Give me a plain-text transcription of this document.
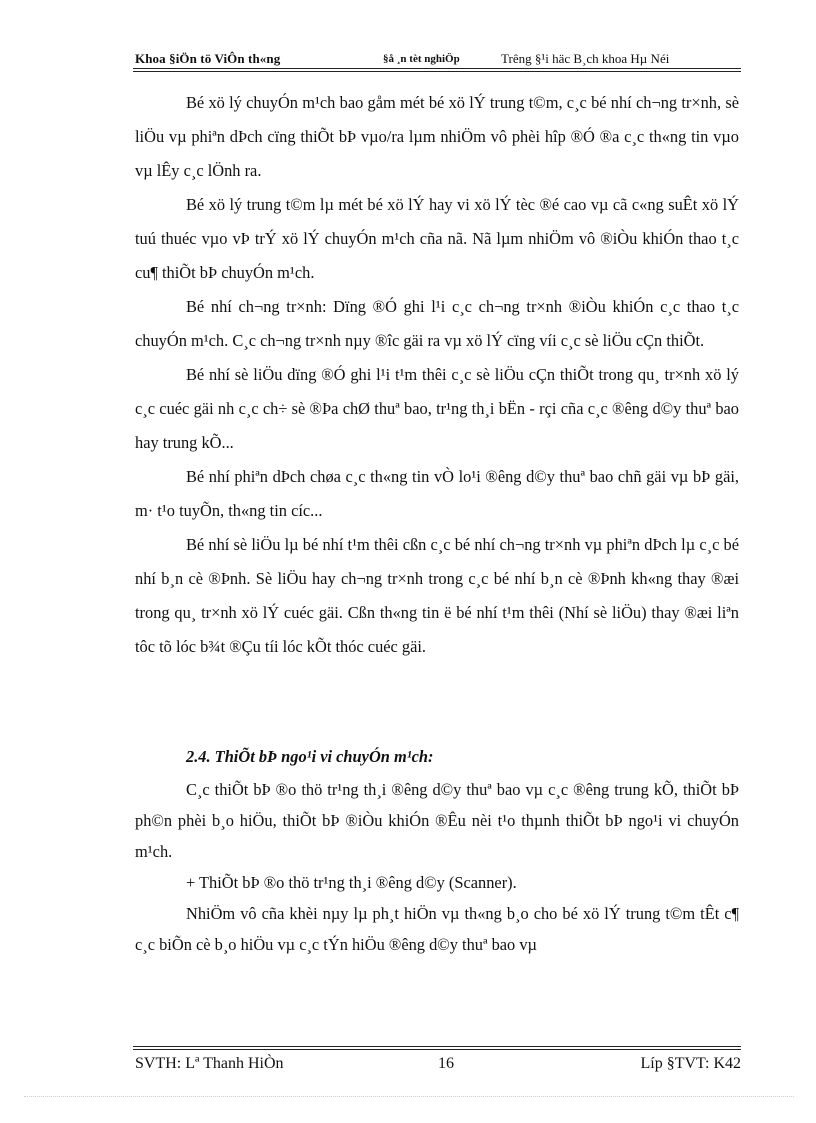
Khoa §iÖn tö ViÔn th«ng	§å ¸n tèt nghiÖp	Trêng §¹i häc B¸ch khoa Hµ Néi

Bé xö lý chuyÓn m¹ch bao gåm mét bé xö lÝ trung t©m, c¸c bé nhí ch¬ng tr×nh, sè liÖu vµ phiªn dÞch cïng thiÕt bÞ vµo/ra lµm nhiÖm vô phèi hîp ®Ó ®a c¸c th«ng tin vµo vµ lÊy c¸c lÖnh ra.

Bé xö lý trung t©m lµ mét bé xö lÝ hay vi xö lÝ tèc ®é cao vµ cã c«ng suÊt xö lÝ tuú thuéc vµo vÞ trÝ xö lÝ chuyÓn m¹ch cña nã. Nã lµm nhiÖm vô ®iÒu khiÓn thao t¸c cu¶ thiÕt bÞ chuyÓn m¹ch.

Bé nhí ch¬ng tr×nh: Dïng ®Ó ghi l¹i c¸c ch¬ng tr×nh ®iÒu khiÓn c¸c thao t¸c chuyÓn m¹ch. C¸c ch¬ng tr×nh nµy ®îc gäi ra vµ xö lÝ cïng víi c¸c sè liÖu cÇn thiÕt.

Bé nhí sè liÖu dïng ®Ó ghi l¹i t¹m thêi c¸c sè liÖu cÇn thiÕt trong qu¸ tr×nh xö lý c¸c cuéc gäi nh c¸c ch÷ sè ®Þa chØ thuª bao, tr¹ng th¸i bËn - rçi cña c¸c ®êng d©y thuª bao hay trung kÕ...

Bé nhí phiªn dÞch chøa c¸c th«ng tin vÒ lo¹i ®êng d©y thuª bao chñ gäi vµ bÞ gäi, m· t¹o tuyÕn, th«ng tin cíc...

Bé nhí sè liÖu lµ bé nhí t¹m thêi cßn c¸c bé nhí ch¬ng tr×nh vµ phiªn dÞch lµ c¸c bé nhí b¸n cè ®Þnh. Sè liÖu hay ch¬ng tr×nh trong c¸c bé nhí b¸n cè ®Þnh kh«ng thay ®æi trong qu¸ tr×nh xö lÝ cuéc gäi. Cßn th«ng tin ë bé nhí t¹m thêi (Nhí sè liÖu) thay ®æi liªn tôc tõ lóc b¾t ®Çu tíi lóc kÕt thóc cuéc gäi.

2.4. ThiÕt bÞ ngo¹i vi chuyÓn m¹ch:

C¸c thiÕt bÞ ®o thö tr¹ng th¸i ®êng d©y thuª bao vµ c¸c ®êng trung kÕ, thiÕt bÞ ph©n phèi b¸o hiÖu, thiÕt bÞ ®iÒu khiÓn ®Êu nèi t¹o thµnh thiÕt bÞ ngo¹i vi chuyÓn m¹ch.

+ ThiÕt bÞ ®o thö tr¹ng th¸i ®êng d©y (Scanner).

NhiÖm vô cña khèi nµy lµ ph¸t hiÖn vµ th«ng b¸o cho bé xö lÝ trung t©m tÊt c¶ c¸c biÕn cè b¸o hiÖu vµ c¸c tÝn hiÖu ®êng d©y thuª bao vµ

SVTH: Lª Thanh HiÒn	16	Líp §TVT: K42
